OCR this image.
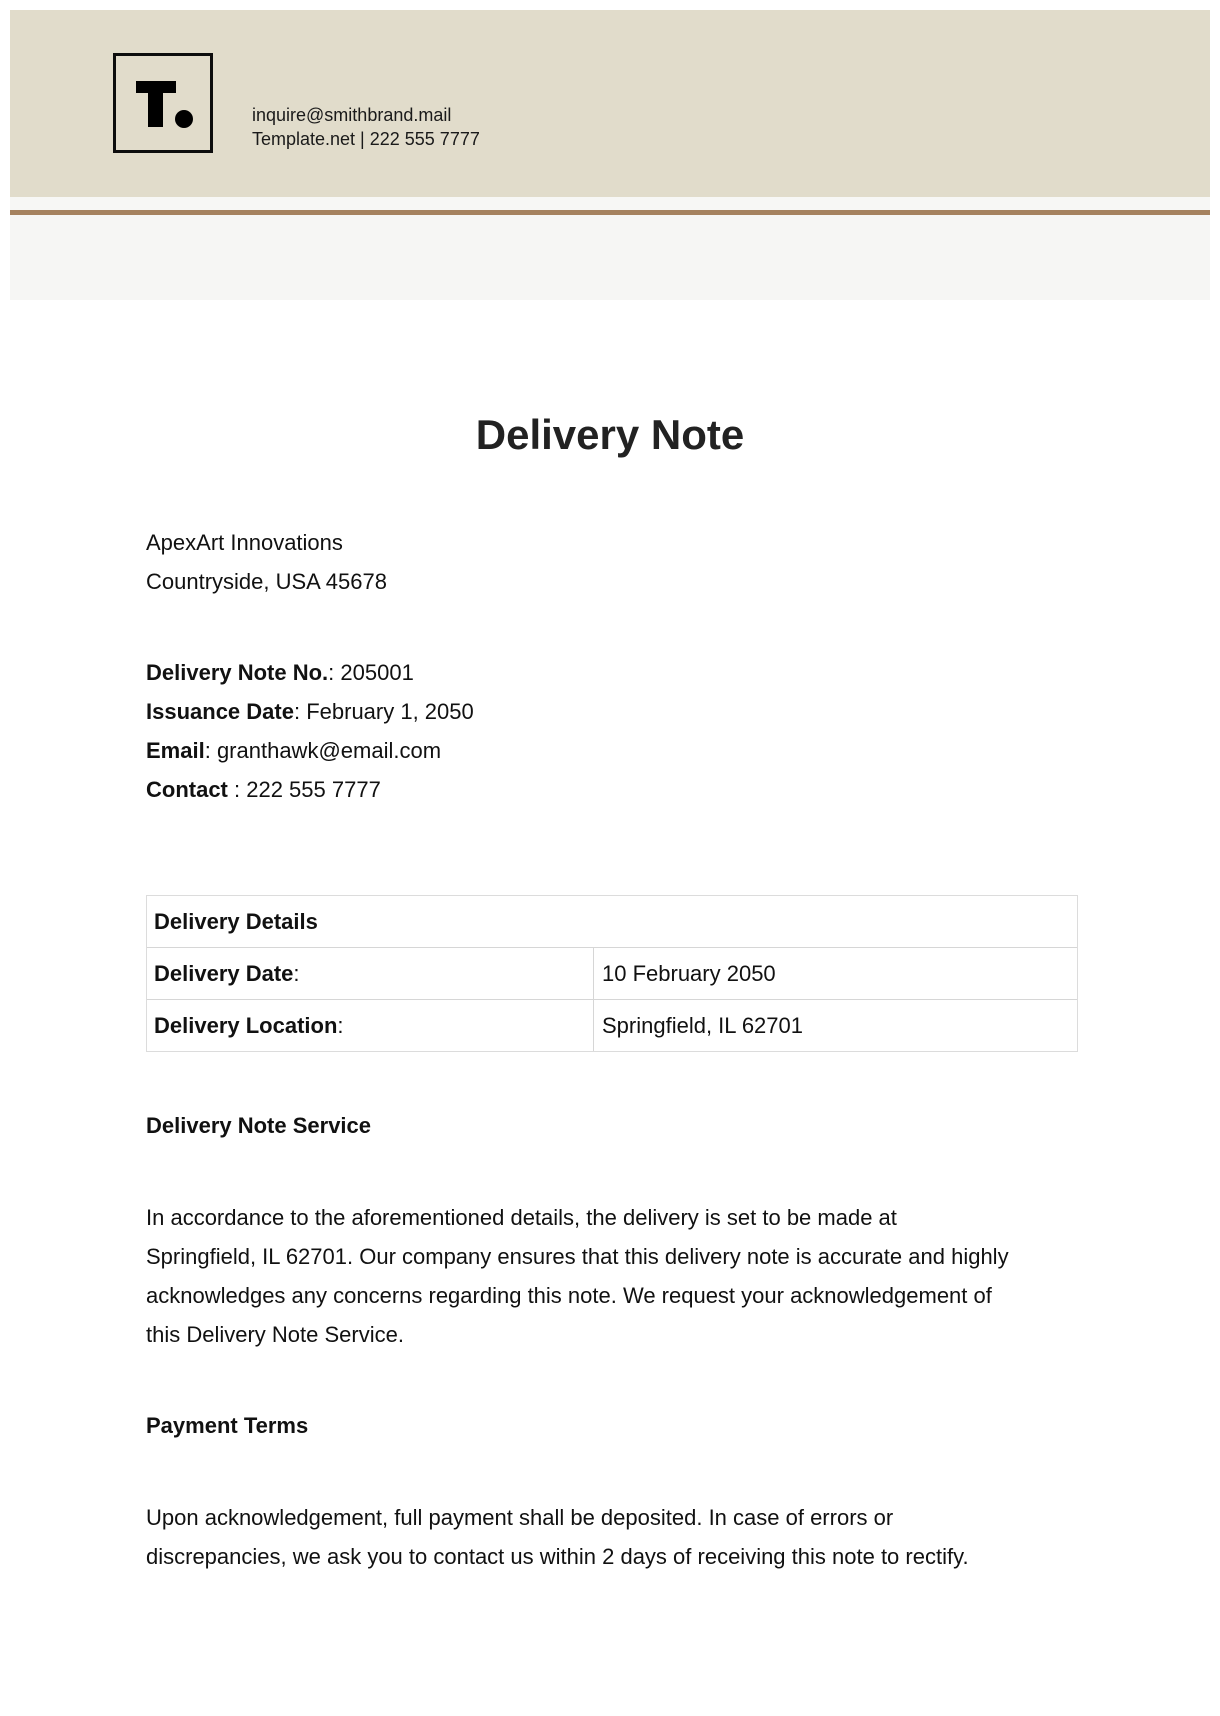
inquire@smithbrand.mail
Template.net | 222 555 7777
Delivery Note
ApexArt Innovations
Countryside, USA 45678
Delivery Note No.: 205001
Issuance Date: February 1, 2050
Email: granthawk@email.com
Contact : 222 555 7777
Delivery Details
Delivery Date:	10 February 2050
Delivery Location:	Springfield, IL 62701
Delivery Note Service
In accordance to the aforementioned details, the delivery is set to be made at
Springfield, IL 62701. Our company ensures that this delivery note is accurate and highly
acknowledges any concerns regarding this note. We request your acknowledgement of
this Delivery Note Service.
Payment Terms
Upon acknowledgement, full payment shall be deposited. In case of errors or
discrepancies, we ask you to contact us within 2 days of receiving this note to rectify.
